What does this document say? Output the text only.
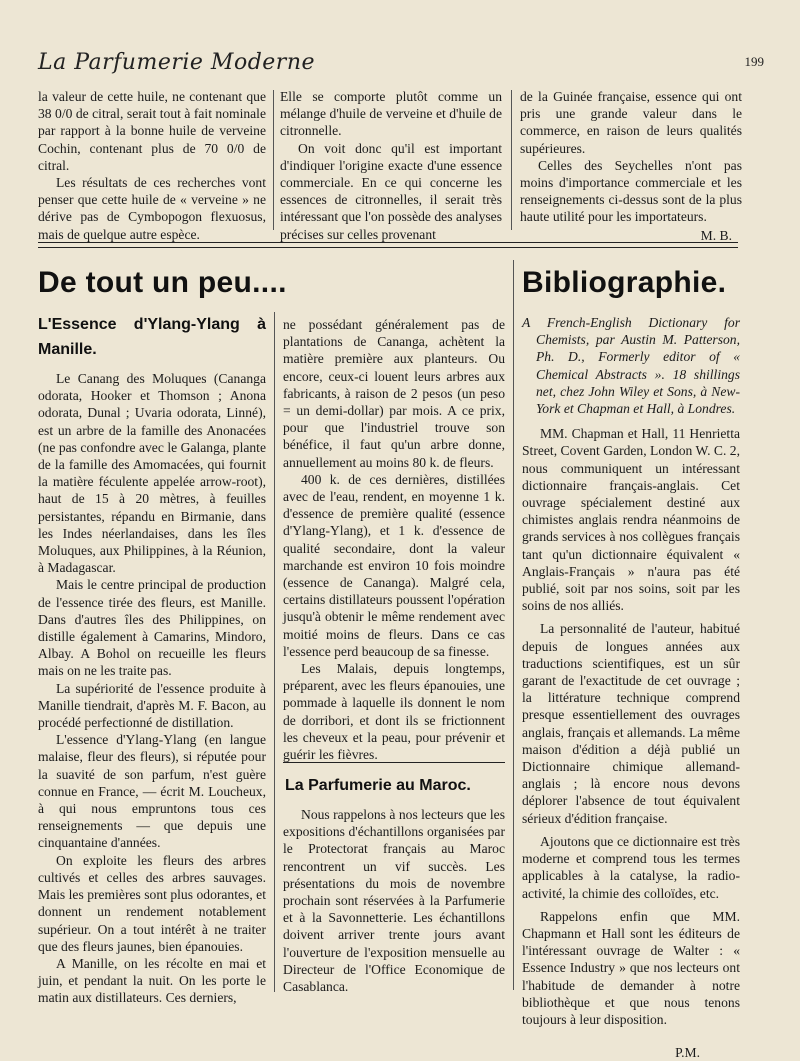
La Parfumerie Moderne	199

la valeur de cette huile, ne contenant que 38 0/0 de citral, serait tout à fait nominale par rapport à la bonne huile de verveine Cochin, contenant plus de 70 0/0 de citral.

Les résultats de ces recherches vont penser que cette huile de « verveine » ne dérive pas de Cymbopogon flexuosus, mais de quelque autre espèce.

Elle se comporte plutôt comme un mélange d'huile de verveine et d'huile de citronnelle.

On voit donc qu'il est important d'indiquer l'origine exacte d'une essence commerciale. En ce qui concerne les essences de citronnelles, il serait très intéressant que l'on possède des analyses précises sur celles provenant

de la Guinée française, essence qui ont pris une grande valeur dans le commerce, en raison de leurs qualités supérieures.

Celles des Seychelles n'ont pas moins d'importance commerciale et les renseignements ci-dessus sont de la plus haute utilité pour les importateurs.

M. B.
De tout un peu....	Bibliographie.
L'Essence d'Ylang-Ylang à Manille.

Le Canang des Moluques (Cananga odorata, Hooker et Thomson ; Anona odorata, Dunal ; Uvaria odorata, Linné), est un arbre de la famille des Anonacées (ne pas confondre avec le Galanga, plante de la famille des Amomacées, qui fournit la matière féculente appelée arrow-root), haut de 15 à 20 mètres, à feuilles persistantes, répandu en Birmanie, dans les Indes néerlandaises, dans les îles Moluques, aux Philippines, à la Réunion, à Madagascar.

Mais le centre principal de production de l'essence tirée des fleurs, est Manille. Dans d'autres îles des Philippines, on distille également à Camarins, Mindoro, Albay. A Bohol on recueille les fleurs mais on ne les traite pas.

La supériorité de l'essence produite à Manille tiendrait, d'après M. F. Bacon, au procédé perfectionné de distillation.

L'essence d'Ylang-Ylang (en langue malaise, fleur des fleurs), si réputée pour la suavité de son parfum, n'est guère connue en France, — écrit M. Loucheux, à qui nous empruntons tous ces renseignements — que depuis une cinquantaine d'années.

On exploite les fleurs des arbres cultivés et celles des arbres sauvages. Mais les premières sont plus odorantes, et donnent un rendement notablement supérieur. On a tout intérêt à ne traiter que des fleurs jaunes, bien épanouies.

A Manille, on les récolte en mai et juin, et pendant la nuit. On les porte le matin aux distillateurs. Ces derniers,

ne possédant généralement pas de plantations de Cananga, achètent la matière première aux planteurs. Ou encore, ceux-ci louent leurs arbres aux fabricants, à raison de 2 pesos (un peso = un demi-dollar) par mois. A ce prix, pour que l'industriel trouve son bénéfice, il faut qu'un arbre donne, annuellement au moins 80 k. de fleurs.

400 k. de ces dernières, distillées avec de l'eau, rendent, en moyenne 1 k. d'essence de première qualité (essence d'Ylang-Ylang), et 1 k. d'essence de qualité secondaire, dont la valeur marchande est environ 10 fois moindre (essence de Cananga). Malgré cela, certains distillateurs poussent l'opération jusqu'à obtenir le même rendement avec moitié moins de fleurs. Dans ce cas l'essence perd beaucoup de sa finesse.

Les Malais, depuis longtemps, préparent, avec les fleurs épanouies, une pommade à laquelle ils donnent le nom de dorribori, et dont ils se frictionnent les cheveux et la peau, pour prévenir et guérir les fièvres.

La Parfumerie au Maroc.

Nous rappelons à nos lecteurs que les expositions d'échantillons organisées par le Protectorat français au Maroc rencontrent un vif succès. Les présentations du mois de novembre prochain sont réservées à la Parfumerie et à la Savonnetterie. Les échantillons doivent arriver trente jours avant l'ouverture de l'exposition mensuelle au Directeur de l'Office Economique de Casablanca.

A French-English Dictionary for Chemists, par Austin M. Patterson, Ph. D., Formerly editor of « Chemical Abstracts ». 18 shillings net, chez John Wiley et Sons, à New-York et Chapman et Hall, à Londres.

MM. Chapman et Hall, 11 Henrietta Street, Covent Garden, London W. C. 2, nous communiquent un intéressant dictionnaire français-anglais. Cet ouvrage spécialement destiné aux chimistes anglais rendra néanmoins de grands services à nos collègues français tant qu'un dictionnaire équivalent « Anglais-Français » n'aura pas été publié, soit par nos soins, soit par les soins de nos alliés.

La personnalité de l'auteur, habitué depuis de longues années aux traductions scientifiques, est un sûr garant de l'exactitude de cet ouvrage ; la littérature technique comprend presque essentiellement des ouvrages anglais, français et allemands. La même maison d'édition a déjà publié un Dictionnaire chimique allemand-anglais ; là encore nous devons déplorer l'absence de tout équivalent sérieux d'édition française.

Ajoutons que ce dictionnaire est très moderne et comprend tous les termes applicables à la catalyse, la radio-activité, la chimie des colloïdes, etc.

Rappelons enfin que MM. Chapmann et Hall sont les éditeurs de l'intéressant ouvrage de Walter : « Essence Industry » que nos lecteurs ont l'habitude de demander à notre bibliothèque et que nous tenons toujours à leur disposition.

P.M.
